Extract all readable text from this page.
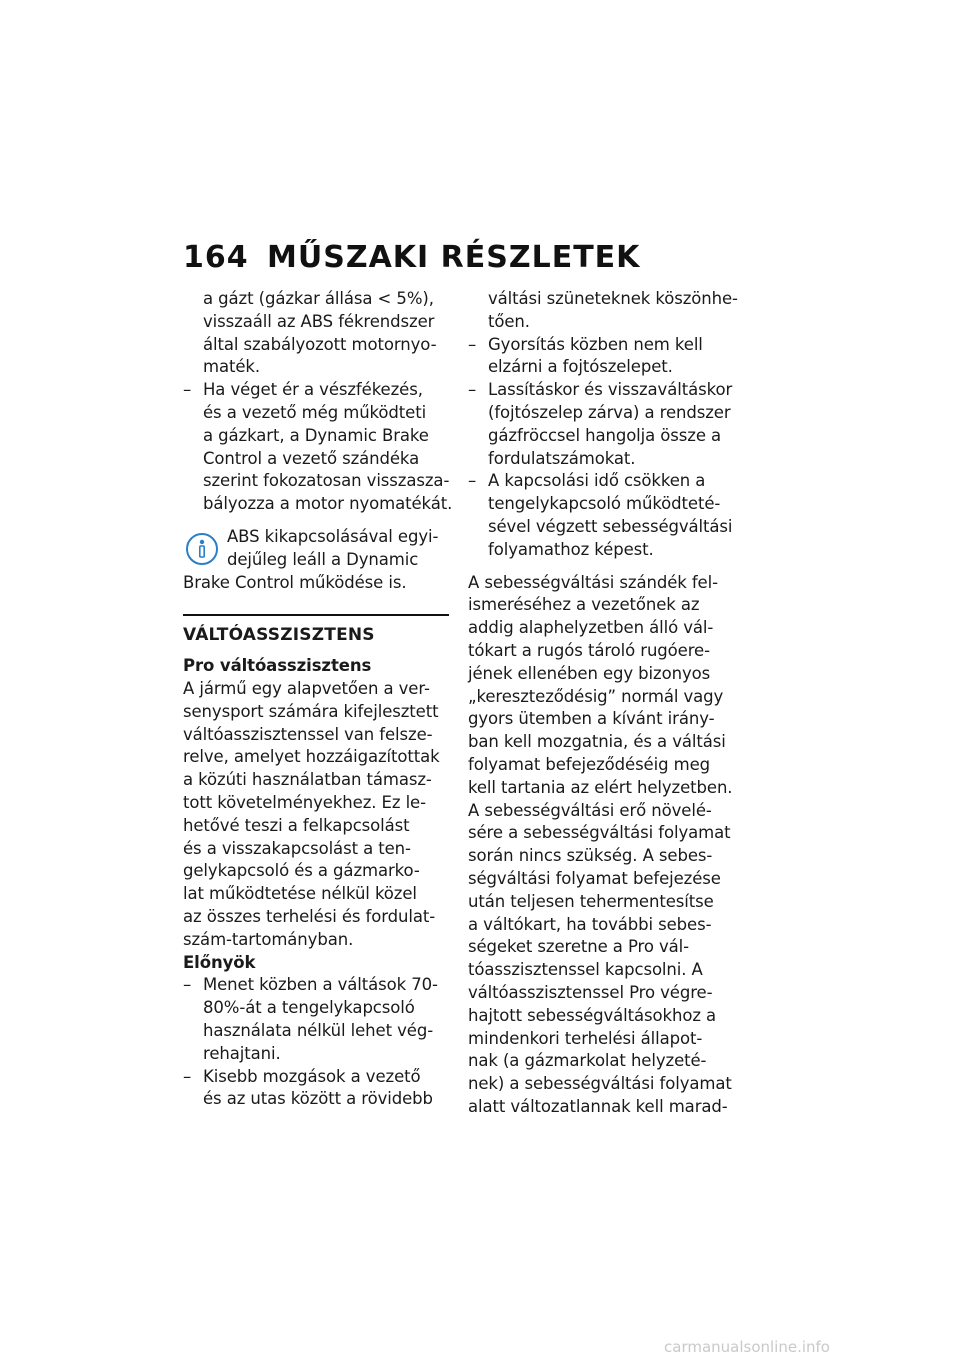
164 MŰSZAKI RÉSZLETEK
a gázt (gázkar állása < 5%),
visszaáll az ABS fékrendszer
által szabályozott motornyo-
maték.
– Ha véget ér a vészfékezés,
és a vezető még működteti
a gázkart, a Dynamic Brake
Control a vezető szándéka
szerint fokozatosan visszasza-
bályozza a motor nyomatékát.
ABS kikapcsolásával egyi-
dejűleg leáll a Dynamic
Brake Control működése is.
VÁLTÓASSZISZTENS
Pro váltóasszisztens
A jármű egy alapvetően a ver-
senysport számára kifejlesztett
váltóasszisztenssel van felsze-
relve, amelyet hozzáigazítottak
a közúti használatban támasz-
tott követelményekhez. Ez le-
hetővé teszi a felkapcsolást
és a visszakapcsolást a ten-
gelykapcsoló és a gázmarko-
lat működtetése nélkül közel
az összes terhelési és fordulat-
szám-tartományban.
Előnyök
– Menet közben a váltások 70-
80%-át a tengelykapcsoló
használata nélkül lehet vég-
rehajtani.
– Kisebb mozgások a vezető
és az utas között a rövidebb
váltási szüneteknek köszönhe-
tően.
– Gyorsítás közben nem kell
elzárni a fojtószelepet.
– Lassításkor és visszaváltáskor
(fojtószelep zárva) a rendszer
gázfröccsel hangolja össze a
fordulatszámokat.
– A kapcsolási idő csökken a
tengelykapcsoló működteté-
sével végzett sebességváltási
folyamathoz képest.
A sebességváltási szándék fel-
ismeréséhez a vezetőnek az
addig alaphelyzetben álló vál-
tókart a rugós tároló rugóere-
jének ellenében egy bizonyos
„kereszteződésig” normál vagy
gyors ütemben a kívánt irány-
ban kell mozgatnia, és a váltási
folyamat befejeződéséig meg
kell tartania az elért helyzetben.
A sebességváltási erő növelé-
sére a sebességváltási folyamat
során nincs szükség. A sebes-
ségváltási folyamat befejezése
után teljesen tehermentesítse
a váltókart, ha további sebes-
ségeket szeretne a Pro vál-
tóasszisztenssel kapcsolni. A
váltóasszisztenssel Pro végre-
hajtott sebességváltásokhoz a
mindenkori terhelési állapot-
nak (a gázmarkolat helyzeté-
nek) a sebességváltási folyamat
alatt változatlannak kell marad-
carmanualsonline.info
